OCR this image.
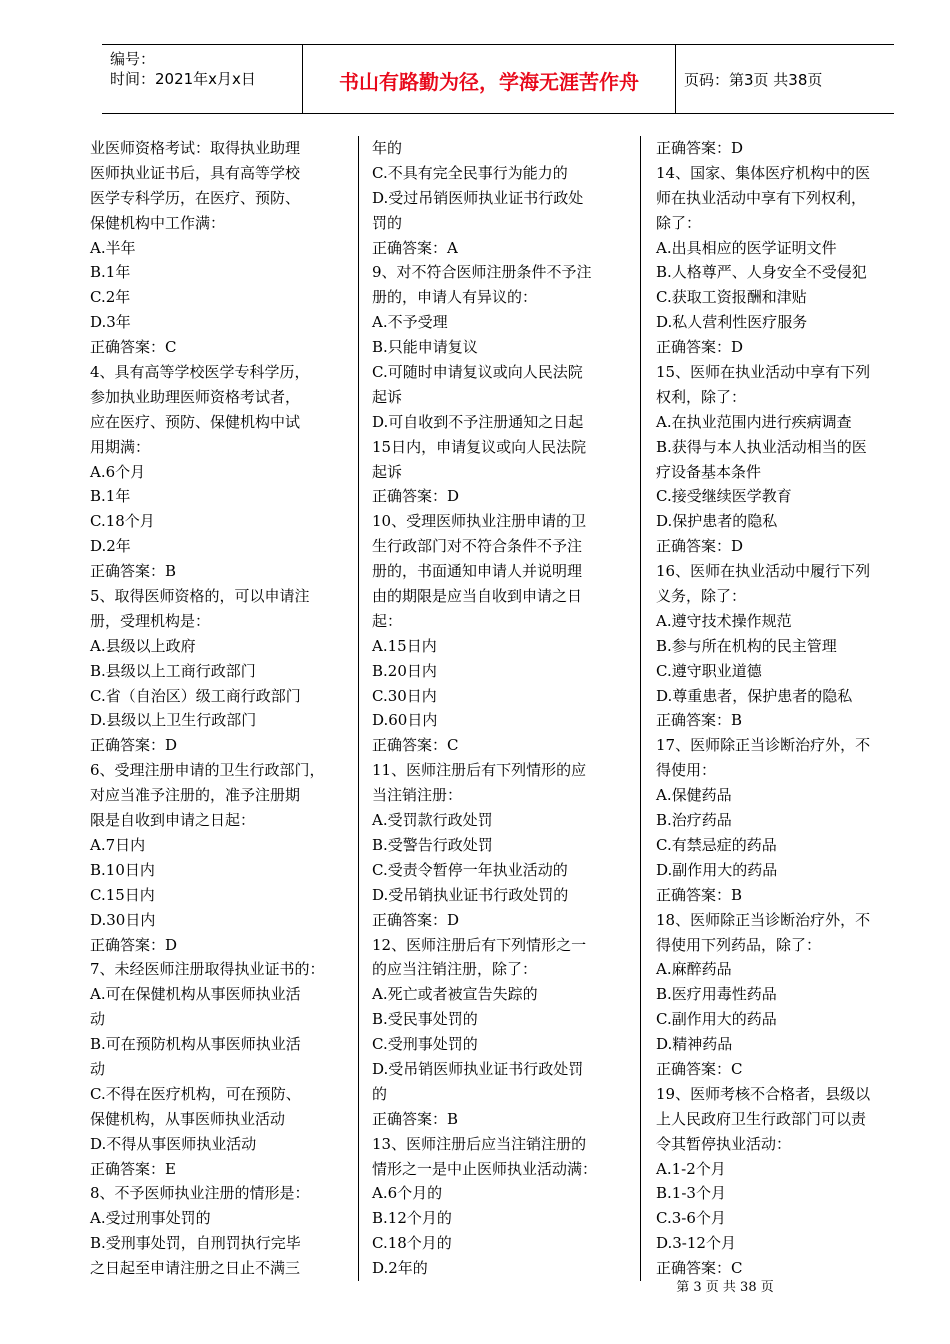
编号：
时间：2021年x月x日	书山有路勤为径，学海无涯苦作舟	页码：第3页 共38页
业医师资格考试：取得执业助理
医师执业证书后，具有高等学校
医学专科学历，在医疗、预防、
保健机构中工作满：
A.半年
B.1年
C.2年
D.3年
正确答案：C
4、具有高等学校医学专科学历，
参加执业助理医师资格考试者，
应在医疗、预防、保健机构中试
用期满：
A.6个月
B.1年
C.18个月
D.2年
正确答案：B
5、取得医师资格的，可以申请注
册，受理机构是：
A.县级以上政府
B.县级以上工商行政部门
C.省（自治区）级工商行政部门
D.县级以上卫生行政部门
正确答案：D
6、受理注册申请的卫生行政部门，
对应当准予注册的，准予注册期
限是自收到申请之日起：
A.7日内
B.10日内
C.15日内
D.30日内
正确答案：D
7、未经医师注册取得执业证书的：
A.可在保健机构从事医师执业活
动
B.可在预防机构从事医师执业活
动
C.不得在医疗机构，可在预防、
保健机构，从事医师执业活动
D.不得从事医师执业活动
正确答案：E
8、不予医师执业注册的情形是：
A.受过刑事处罚的
B.受刑事处罚，自刑罚执行完毕
之日起至申请注册之日止不满三
年的
C.不具有完全民事行为能力的
D.受过吊销医师执业证书行政处
罚的
正确答案：A
9、对不符合医师注册条件不予注
册的，申请人有异议的：
A.不予受理
B.只能申请复议
C.可随时申请复议或向人民法院
起诉
D.可自收到不予注册通知之日起
15日内，申请复议或向人民法院
起诉
正确答案：D
10、受理医师执业注册申请的卫
生行政部门对不符合条件不予注
册的，书面通知申请人并说明理
由的期限是应当自收到申请之日
起：
A.15日内
B.20日内
C.30日内
D.60日内
正确答案：C
11、医师注册后有下列情形的应
当注销注册：
A.受罚款行政处罚
B.受警告行政处罚
C.受责令暂停一年执业活动的
D.受吊销执业证书行政处罚的
正确答案：D
12、医师注册后有下列情形之一
的应当注销注册，除了：
A.死亡或者被宣告失踪的
B.受民事处罚的
C.受刑事处罚的
D.受吊销医师执业证书行政处罚
的
正确答案：B
13、医师注册后应当注销注册的
情形之一是中止医师执业活动满：
A.6个月的
B.12个月的
C.18个月的
D.2年的
正确答案：D
14、国家、集体医疗机构中的医
师在执业活动中享有下列权利，
除了：
A.出具相应的医学证明文件
B.人格尊严、人身安全不受侵犯
C.获取工资报酬和津贴
D.私人营利性医疗服务
正确答案：D
15、医师在执业活动中享有下列
权利，除了：
A.在执业范围内进行疾病调查
B.获得与本人执业活动相当的医
疗设备基本条件
C.接受继续医学教育
D.保护患者的隐私
正确答案：D
16、医师在执业活动中履行下列
义务，除了：
A.遵守技术操作规范
B.参与所在机构的民主管理
C.遵守职业道德
D.尊重患者，保护患者的隐私
正确答案：B
17、医师除正当诊断治疗外，不
得使用：
A.保健药品
B.治疗药品
C.有禁忌症的药品
D.副作用大的药品
正确答案：B
18、医师除正当诊断治疗外，不
得使用下列药品，除了：
A.麻醉药品
B.医疗用毒性药品
C.副作用大的药品
D.精神药品
正确答案：C
19、医师考核不合格者，县级以
上人民政府卫生行政部门可以责
令其暂停执业活动：
A.1-2个月
B.1-3个月
C.3-6个月
D.3-12个月
正确答案：C
第 3 页 共 38 页
